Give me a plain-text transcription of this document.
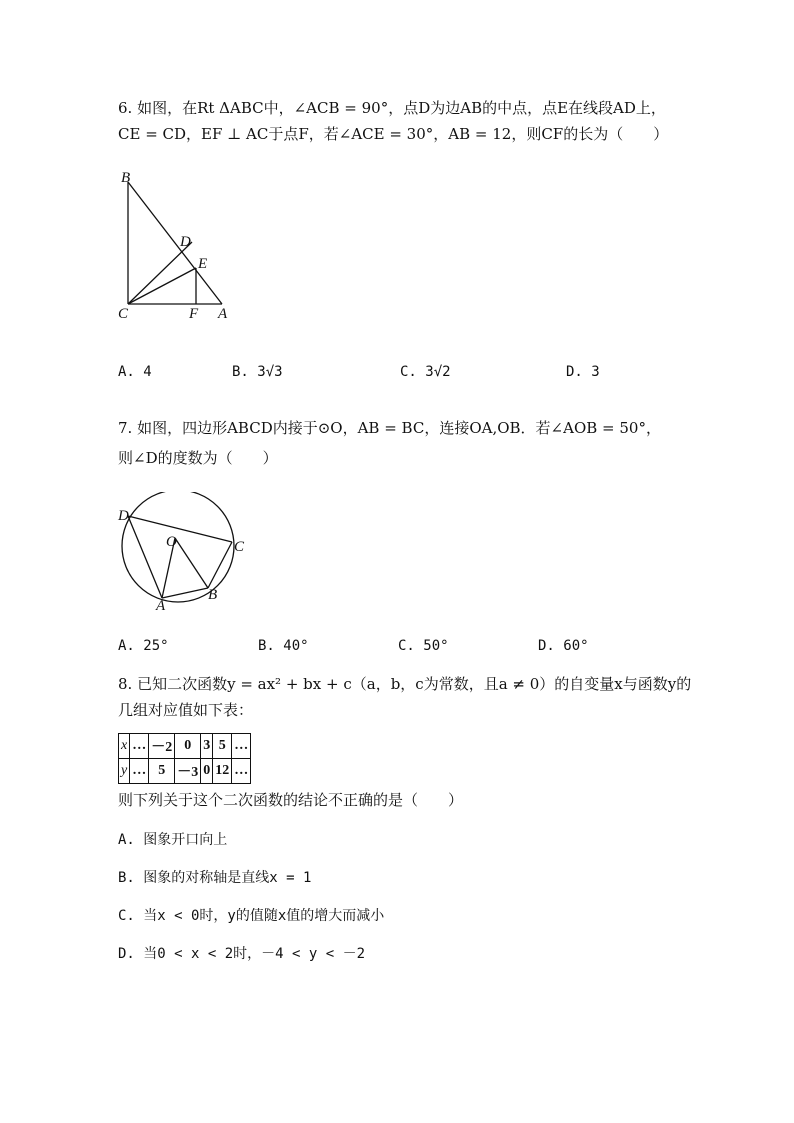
6. 如图，在Rt ΔABC中，∠ACB = 90°，点D为边AB的中点，点E在线段AD上，
CE = CD，EF ⊥ AC于点F，若∠ACE = 30°，AB = 12，则CF的长为（　　）
B
D
E
C	F A
A. 4	B. 3√3	C. 3√2	D. 3
7. 如图，四边形ABCD内接于⊙O，AB = BC，连接OA,OB．若∠AOB = 50°，
则∠D的度数为（　　）
D
O	C
A
B
A. 25°	B. 40°	C. 50°	D. 60°
8. 已知二次函数y = ax² + bx + c（a，b，c为常数，且a ≠ 0）的自变量x与函数y的
几组对应值如下表：
x	…	－2	0	3	5	…
y	…	5	－3	0	12	…
则下列关于这个二次函数的结论不正确的是（　　）
A. 图象开口向上
B. 图象的对称轴是直线x = 1
C. 当x < 0时，y的值随x值的增大而减小
D. 当0 < x < 2时，－4 < y < －2
